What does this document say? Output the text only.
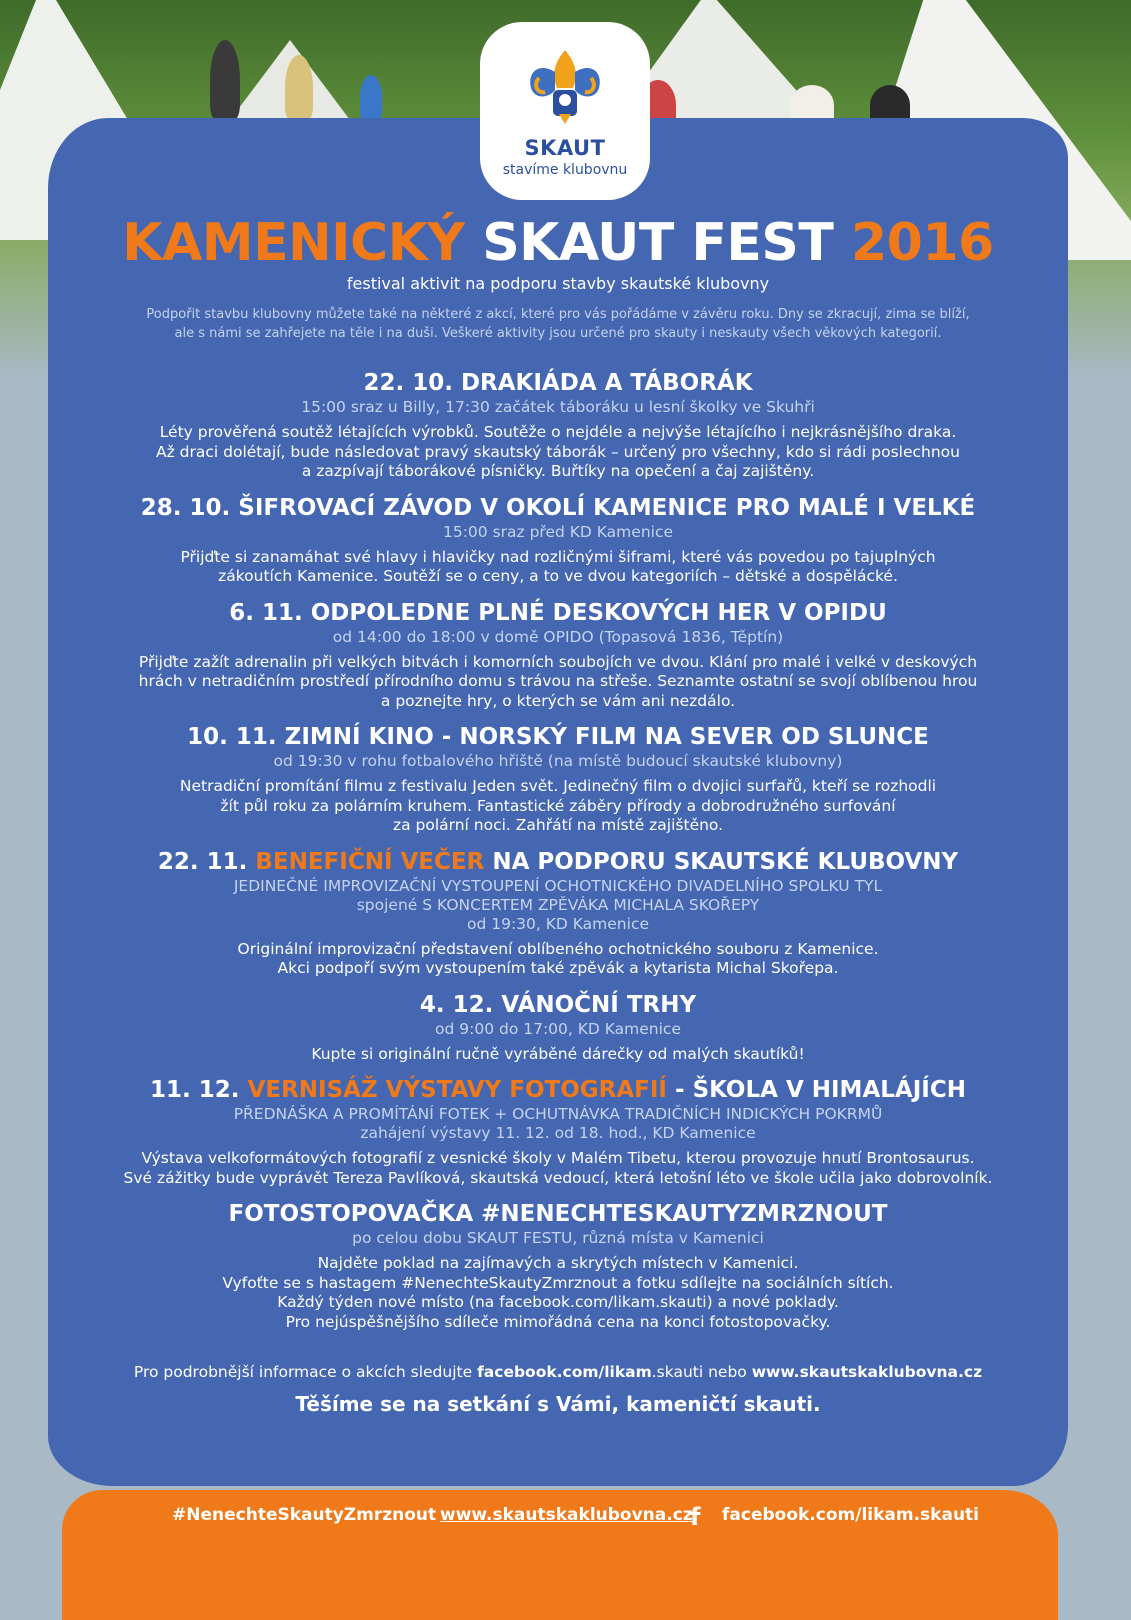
SKAUT
stavíme klubovnu
KAMENICKÝ SKAUT FEST 2016
festival aktivit na podporu stavby skautské klubovny
Podpořit stavbu klubovny můžete také na některé z akcí, které pro vás pořádáme v závěru roku. Dny se zkracují, zima se blíží,
ale s námi se zahřejete na těle i na duši. Veškeré aktivity jsou určené pro skauty i neskauty všech věkových kategorií.
22. 10. DRAKIÁDA A TÁBORÁK
15:00 sraz u Billy, 17:30 začátek táboráku u lesní školky ve Skuhři
Léty prověřená soutěž létajících výrobků. Soutěže o nejdéle a nejvýše létajícího i nejkrásnějšího draka.
Až draci dolétají, bude následovat pravý skautský táborák – určený pro všechny, kdo si rádi poslechnou
a zazpívají táborákové písničky. Buřtíky na opečení a čaj zajištěny.
28. 10. ŠIFROVACÍ ZÁVOD V OKOLÍ KAMENICE PRO MALÉ I VELKÉ
15:00 sraz před KD Kamenice
Přijďte si zanamáhat své hlavy i hlavičky nad rozličnými šiframi, které vás povedou po tajuplných
zákoutích Kamenice. Soutěží se o ceny, a to ve dvou kategoriích – dětské a dospělácké.
6. 11. ODPOLEDNE PLNÉ DESKOVÝCH HER V OPIDU
od 14:00 do 18:00 v domě OPIDO (Topasová 1836, Těptín)
Přijďte zažít adrenalin při velkých bitvách i komorních soubojích ve dvou. Klání pro malé i velké v deskových
hrách v netradičním prostředí přírodního domu s trávou na střeše. Seznamte ostatní se svojí oblíbenou hrou
a poznejte hry, o kterých se vám ani nezdálo.
10. 11. ZIMNÍ KINO - NORSKÝ FILM NA SEVER OD SLUNCE
od 19:30 v rohu fotbalového hřiště (na místě budoucí skautské klubovny)
Netradiční promítání filmu z festivalu Jeden svět. Jedinečný film o dvojici surfařů, kteří se rozhodli
žít půl roku za polárním kruhem. Fantastické záběry přírody a dobrodružného surfování
za polární noci. Zahřátí na místě zajištěno.
22. 11. BENEFIČNÍ VEČER NA PODPORU SKAUTSKÉ KLUBOVNY
JEDINEČNÉ IMPROVIZAČNÍ VYSTOUPENÍ OCHOTNICKÉHO DIVADELNÍHO SPOLKU TYL
spojené S KONCERTEM ZPĚVÁKA MICHALA SKOŘEPY
od 19:30, KD Kamenice
Originální improvizační představení oblíbeného ochotnického souboru z Kamenice.
Akci podpoří svým vystoupením také zpěvák a kytarista Michal Skořepa.
4. 12. VÁNOČNÍ TRHY
od 9:00 do 17:00, KD Kamenice
Kupte si originální ručně vyráběné dárečky od malých skautíků!
11. 12. VERNISÁŽ VÝSTAVY FOTOGRAFIÍ - ŠKOLA V HIMALÁJÍCH
PŘEDNÁŠKA A PROMÍTÁNÍ FOTEK + OCHUTNÁVKA TRADIČNÍCH INDICKÝCH POKRMŮ
zahájení výstavy 11. 12. od 18. hod., KD Kamenice
Výstava velkoformátových fotografií z vesnické školy v Malém Tibetu, kterou provozuje hnutí Brontosaurus.
Své zážitky bude vyprávět Tereza Pavlíková, skautská vedoucí, která letošní léto ve škole učila jako dobrovolník.
FOTOSTOPOVAČKA #NENECHTESKAUTYZMRZNOUT
po celou dobu SKAUT FESTU, různá místa v Kamenici
Najděte poklad na zajímavých a skrytých místech v Kamenici.
Vyfoťte se s hastagem #NenechteSkautyZmrznout a fotku sdílejte na sociálních sítích.
Každý týden nové místo (na facebook.com/likam.skauti) a nové poklady.
Pro nejúspěšnějšího sdíleče mimořádná cena na konci fotostopovačky.
Pro podrobnější informace o akcích sledujte facebook.com/likam.skauti nebo www.skautskaklubovna.cz
Těšíme se na setkání s Vámi, kameničtí skauti.
#NenechteSkautyZmrznout www.skautskaklubovna.cz
f facebook.com/likam.skauti
